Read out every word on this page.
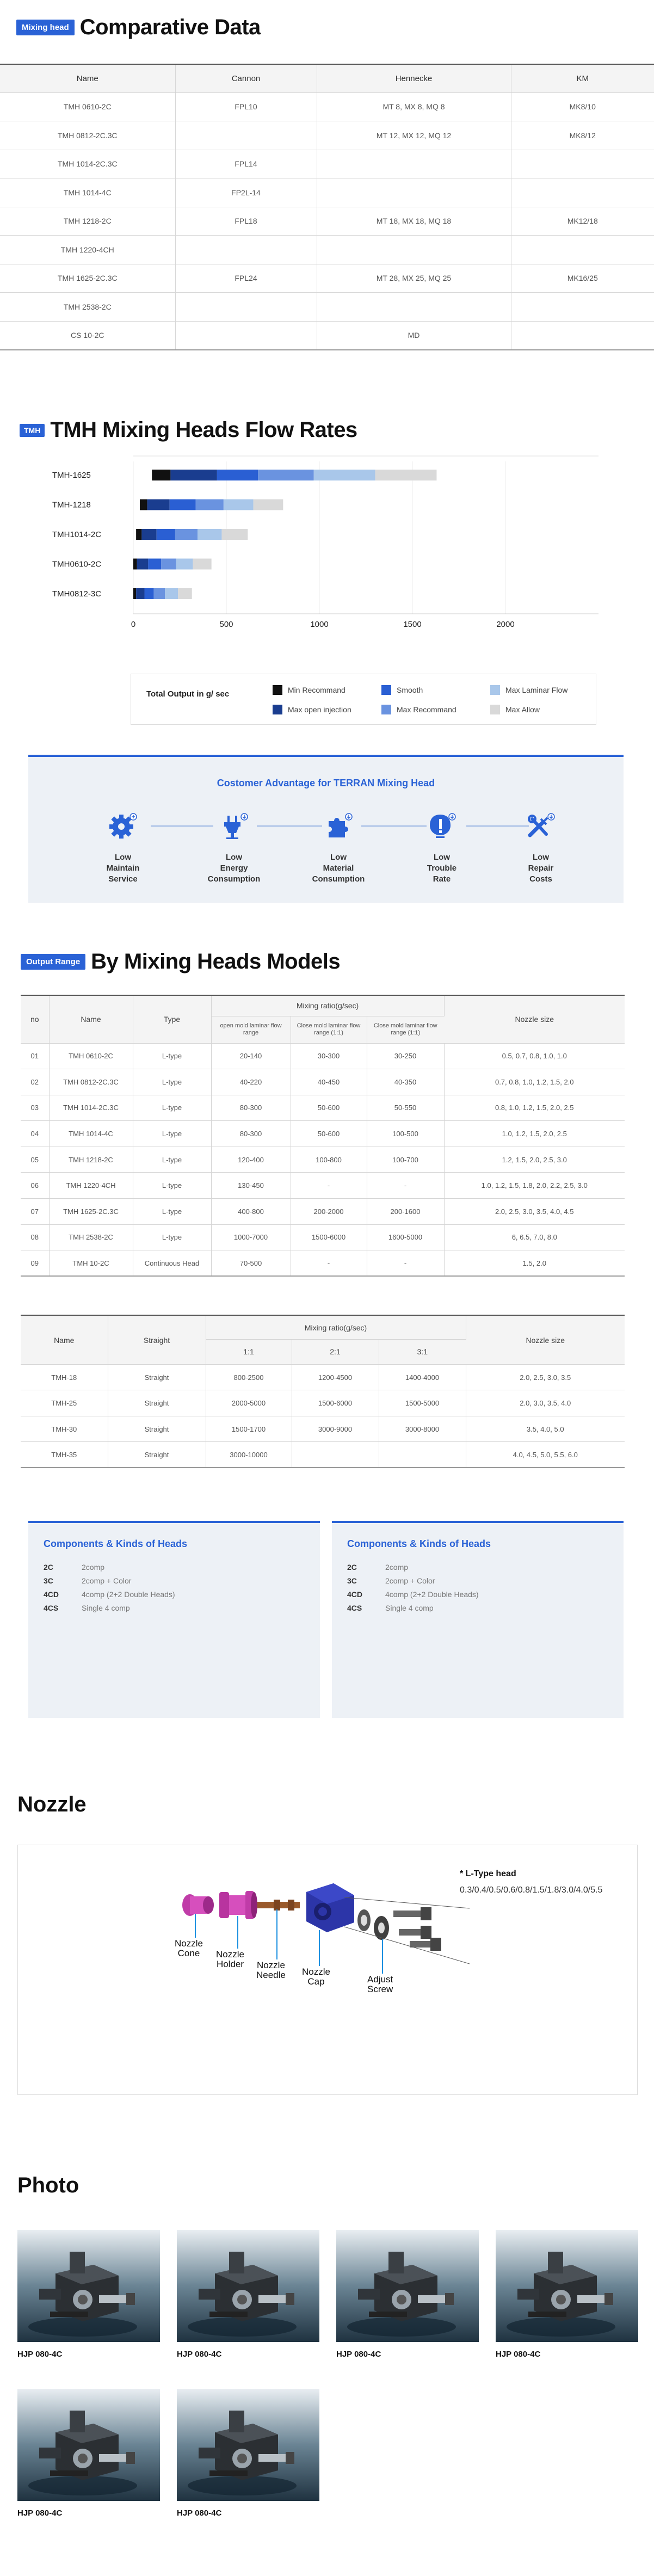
Mixing head Comparative Data
Name	Cannon	Hennecke	KM
TMH 0610-2C	FPL10	MT 8, MX 8, MQ 8	MK8/10
TMH 0812-2C.3C		MT 12, MX 12, MQ 12	MK8/12
TMH 1014-2C.3C	FPL14		
TMH 1014-4C	FP2L-14		
TMH 1218-2C	FPL18	MT 18, MX 18, MQ 18	MK12/18
TMH 1220-4CH			
TMH 1625-2C.3C	FPL24	MT 28, MX 25, MQ 25	MK16/25
TMH 2538-2C			
CS 10-2C		MD	
TMH TMH Mixing Heads Flow Rates
TMH-1625
TMH-1218
TMH1014-2C
TMH0610-2C
TMH0812-3C
0	500	1000	1500	2000
Total Output in g/ sec	Min Recommand	Smooth	Max Laminar Flow
Max open injection	Max Recommand	Max Allow
Costomer Advantage for TERRAN Mixing Head
Low
Maintain
Service
Low
Energy
Consumption
Low
Material
Consumption
Low
Trouble
Rate
Low
Repair
Costs
Output Range By Mixing Heads Models
no	Name	Type	Mixing ratio(g/sec)			Nozzle size
			open mold laminar flow range	Close mold laminar flow range (1:1)	Close mold laminar flow range (1:1)	
01	TMH 0610-2C	L-type	20-140	30-300	30-250	0.5, 0.7, 0.8, 1.0, 1.0
02	TMH 0812-2C.3C	L-type	40-220	40-450	40-350	0.7, 0.8, 1.0, 1.2, 1.5, 2.0
03	TMH 1014-2C.3C	L-type	80-300	50-600	50-550	0.8, 1.0, 1.2, 1.5, 2.0, 2.5
04	TMH 1014-4C	L-type	80-300	50-600	100-500	1.0, 1.2, 1.5, 2.0, 2.5
05	TMH 1218-2C	L-type	120-400	100-800	100-700	1.2, 1.5, 2.0, 2.5, 3.0
06	TMH 1220-4CH	L-type	130-450	-	-	1.0, 1.2, 1.5, 1.8, 2.0, 2.2, 2.5, 3.0
07	TMH 1625-2C.3C	L-type	400-800	200-2000	200-1600	2.0, 2.5, 3.0, 3.5, 4.0, 4.5
08	TMH 2538-2C	L-type	1000-7000	1500-6000	1600-5000	6, 6.5, 7.0, 8.0
09	TMH 10-2C	Continuous Head	70-500	-	-	1.5, 2.0
Name	Straight	Mixing ratio(g/sec)			Nozzle size
		1:1	2:1	3:1	
TMH-18	Straight	800-2500	1200-4500	1400-4000	2.0, 2.5, 3.0, 3.5
TMH-25	Straight	2000-5000	1500-6000	1500-5000	2.0, 3.0, 3.5, 4.0
TMH-30	Straight	1500-1700	3000-9000	3000-8000	3.5, 4.0, 5.0
TMH-35	Straight	3000-10000			4.0, 4.5, 5.0, 5.5, 6.0
Components & Kinds of Heads
2C	2comp
3C	2comp + Color
4CD	4comp (2+2 Double Heads)
4CS	Single 4 comp
Components & Kinds of Heads
2C	2comp
3C	2comp + Color
4CD	4comp (2+2 Double Heads)
4CS	Single 4 comp
Nozzle
Nozzle
Cone	Nozzle
Holder Nozzle
Needle Nozzle
Cap	Adjust
Screw
* L-Type head
0.3/0.4/0.5/0.6/0.8/1.5/1.8/3.0/4.0/5.5
Photo
HJP 080-4C	HJP 080-4C	HJP 080-4C	HJP 080-4C
HJP 080-4C	HJP 080-4C
